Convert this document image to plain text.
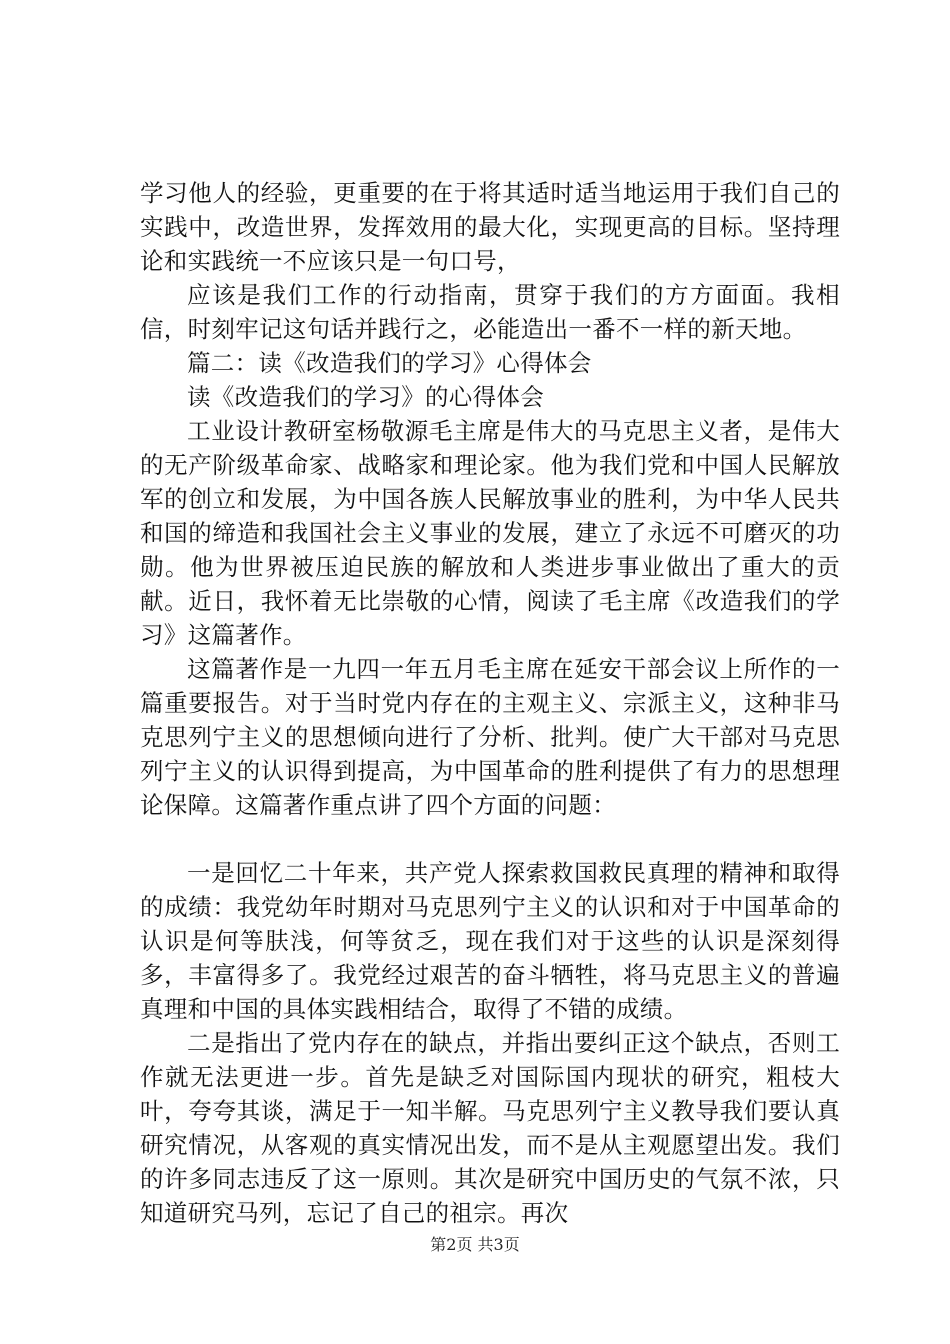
学习他人的经验，更重要的在于将其适时适当地运用于我们自己的实践中，改造世界，发挥效用的最大化，实现更高的目标。坚持理论和实践统一不应该只是一句口号，

应该是我们工作的行动指南，贯穿于我们的方方面面。我相信，时刻牢记这句话并践行之，必能造出一番不一样的新天地。

篇二：读《改造我们的学习》心得体会

读《改造我们的学习》的心得体会

工业设计教研室杨敬源毛主席是伟大的马克思主义者，是伟大的无产阶级革命家、战略家和理论家。他为我们党和中国人民解放军的创立和发展，为中国各族人民解放事业的胜利，为中华人民共和国的缔造和我国社会主义事业的发展，建立了永远不可磨灭的功勋。他为世界被压迫民族的解放和人类进步事业做出了重大的贡献。近日，我怀着无比崇敬的心情，阅读了毛主席《改造我们的学习》这篇著作。

这篇著作是一九四一年五月毛主席在延安干部会议上所作的一篇重要报告。对于当时党内存在的主观主义、宗派主义，这种非马克思列宁主义的思想倾向进行了分析、批判。使广大干部对马克思列宁主义的认识得到提高，为中国革命的胜利提供了有力的思想理论保障。这篇著作重点讲了四个方面的问题：

一是回忆二十年来，共产党人探索救国救民真理的精神和取得的成绩：我党幼年时期对马克思列宁主义的认识和对于中国革命的认识是何等肤浅，何等贫乏，现在我们对于这些的认识是深刻得多，丰富得多了。我党经过艰苦的奋斗牺牲，将马克思主义的普遍真理和中国的具体实践相结合，取得了不错的成绩。

二是指出了党内存在的缺点，并指出要纠正这个缺点，否则工作就无法更进一步。首先是缺乏对国际国内现状的研究，粗枝大叶，夸夸其谈，满足于一知半解。马克思列宁主义教导我们要认真研究情况，从客观的真实情况出发，而不是从主观愿望出发。我们的许多同志违反了这一原则。其次是研究中国历史的气氛不浓，只知道研究马列，忘记了自己的祖宗。再次

第2页 共3页
